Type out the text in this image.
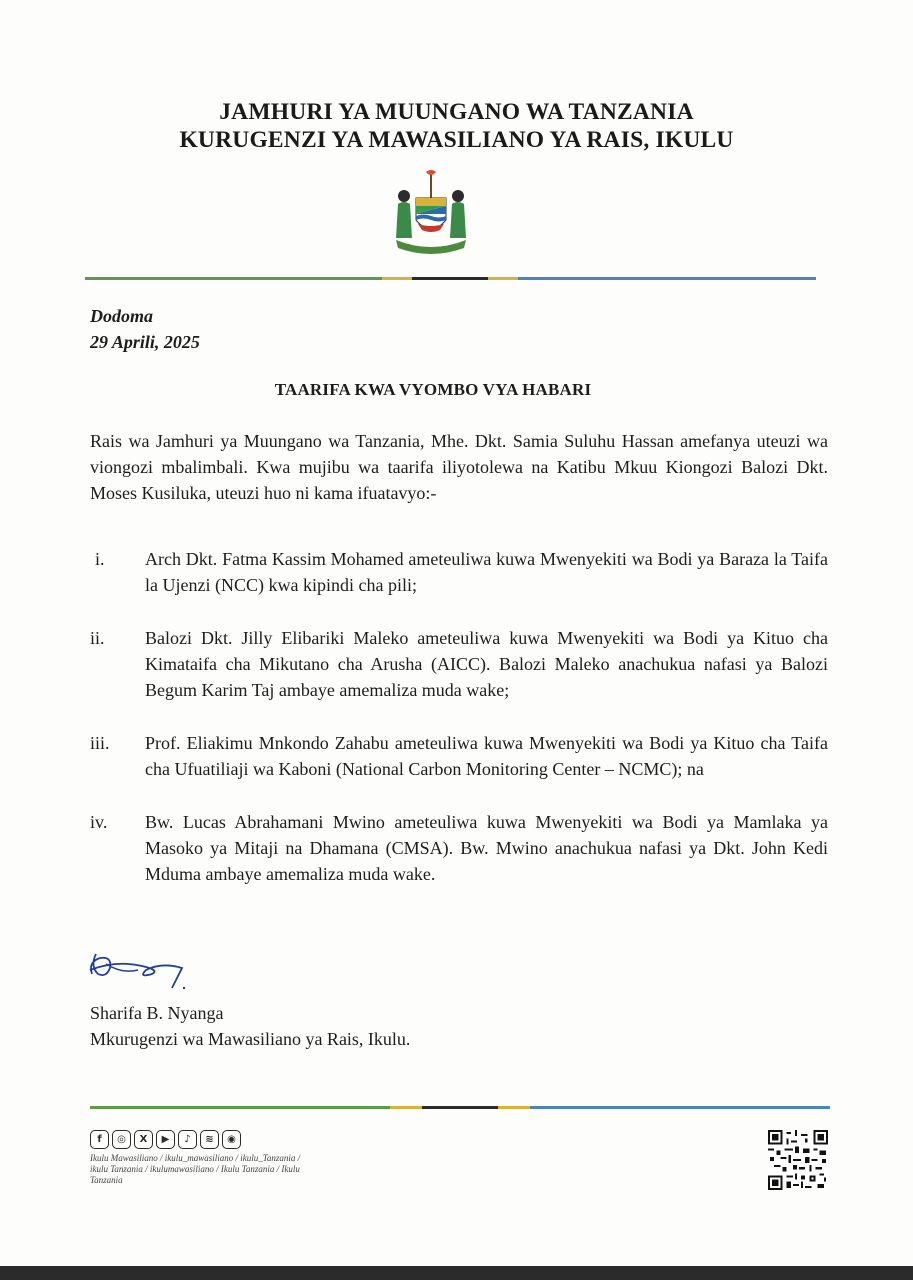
JAMHURI YA MUUNGANO WA TANZANIA
KURUGENZI YA MAWASILIANO YA RAIS, IKULU
Dodoma
29 Aprili, 2025
TAARIFA KWA VYOMBO VYA HABARI
Rais wa Jamhuri ya Muungano wa Tanzania, Mhe. Dkt. Samia Suluhu Hassan amefanya uteuzi wa viongozi mbalimbali. Kwa mujibu wa taarifa iliyotolewa na Katibu Mkuu Kiongozi Balozi Dkt. Moses Kusiluka, uteuzi huo ni kama ifuatavyo:-
i.	Arch Dkt. Fatma Kassim Mohamed ameteuliwa kuwa Mwenyekiti wa Bodi ya Baraza la Taifa la Ujenzi (NCC) kwa kipindi cha pili;
ii.	Balozi Dkt. Jilly Elibariki Maleko ameteuliwa kuwa Mwenyekiti wa Bodi ya Kituo cha Kimataifa cha Mikutano cha Arusha (AICC). Balozi Maleko anachukua nafasi ya Balozi Begum Karim Taj ambaye amemaliza muda wake;
iii.	Prof. Eliakimu Mnkondo Zahabu ameteuliwa kuwa Mwenyekiti wa Bodi ya Kituo cha Taifa cha Ufuatiliaji wa Kaboni (National Carbon Monitoring Center – NCMC); na
iv.	Bw. Lucas Abrahamani Mwino ameteuliwa kuwa Mwenyekiti wa Bodi ya Mamlaka ya Masoko ya Mitaji na Dhamana (CMSA). Bw. Mwino anachukua nafasi ya Dkt. John Kedi Mduma ambaye amemaliza muda wake.
Sharifa B. Nyanga
Mkurugenzi wa Mawasiliano ya Rais, Ikulu.
f	◎	X	▶	♪	≋	◉
Ikulu Mawasiliano / ikulu_mawasiliano / ikulu_Tanzania / ikulu Tanzania / ikulumawasiliano / Ikulu Tanzania / Ikulu Tanzania
